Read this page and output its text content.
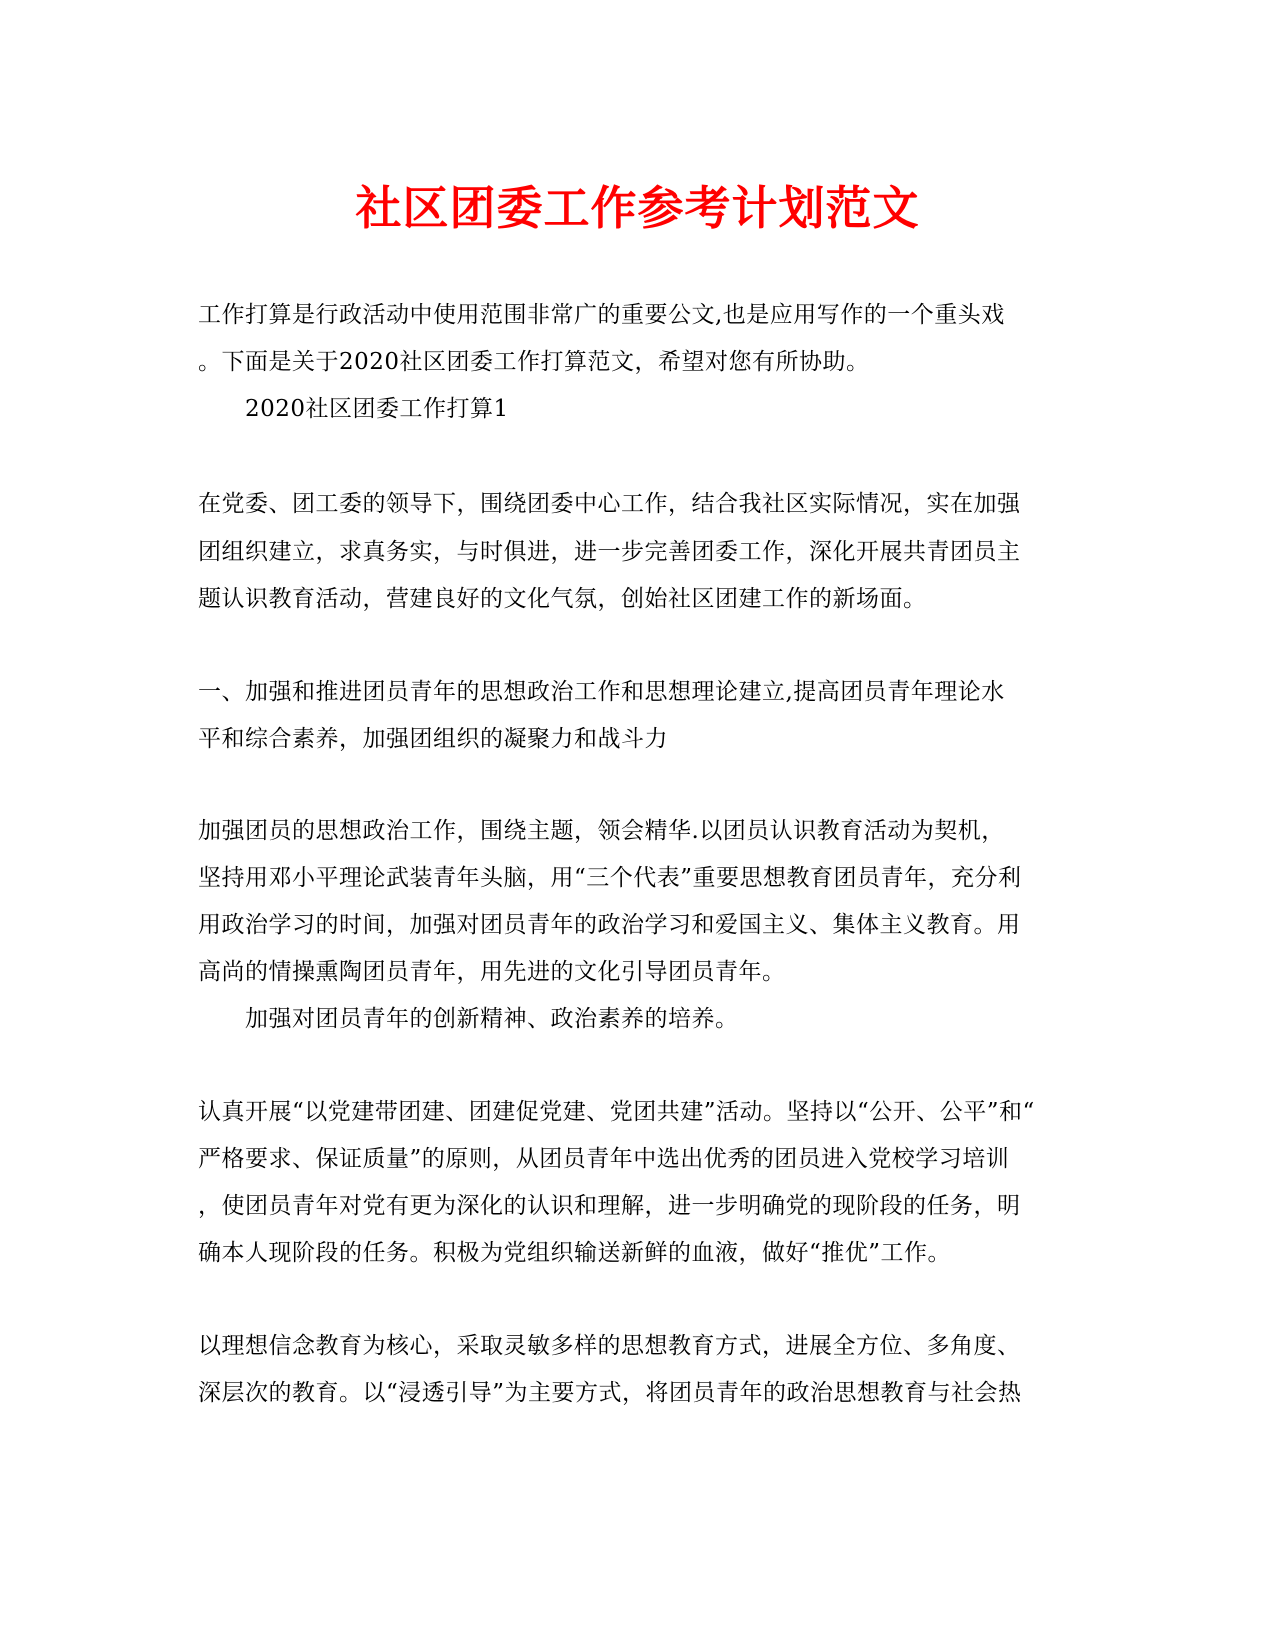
社区团委工作参考计划范文
工作打算是行政活动中使用范围非常广的重要公文,也是应用写作的一个重头戏
。下面是关于2020社区团委工作打算范文，希望对您有所协助。
2020社区团委工作打算1
在党委、团工委的领导下，围绕团委中心工作，结合我社区实际情况，实在加强
团组织建立，求真务实，与时俱进，进一步完善团委工作，深化开展共青团员主
题认识教育活动，营建良好的文化气氛，创始社区团建工作的新场面。
一、加强和推进团员青年的思想政治工作和思想理论建立,提高团员青年理论水
平和综合素养，加强团组织的凝聚力和战斗力
加强团员的思想政治工作，围绕主题，领会精华.以团员认识教育活动为契机，
坚持用邓小平理论武装青年头脑，用“三个代表”重要思想教育团员青年，充分利
用政治学习的时间，加强对团员青年的政治学习和爱国主义、集体主义教育。用
高尚的情操熏陶团员青年，用先进的文化引导团员青年。
加强对团员青年的创新精神、政治素养的培养。
认真开展“以党建带团建、团建促党建、党团共建”活动。坚持以“公开、公平”和“
严格要求、保证质量”的原则，从团员青年中选出优秀的团员进入党校学习培训
，使团员青年对党有更为深化的认识和理解，进一步明确党的现阶段的任务，明
确本人现阶段的任务。积极为党组织输送新鲜的血液，做好“推优”工作。
以理想信念教育为核心，采取灵敏多样的思想教育方式，进展全方位、多角度、
深层次的教育。以“浸透引导”为主要方式，将团员青年的政治思想教育与社会热
